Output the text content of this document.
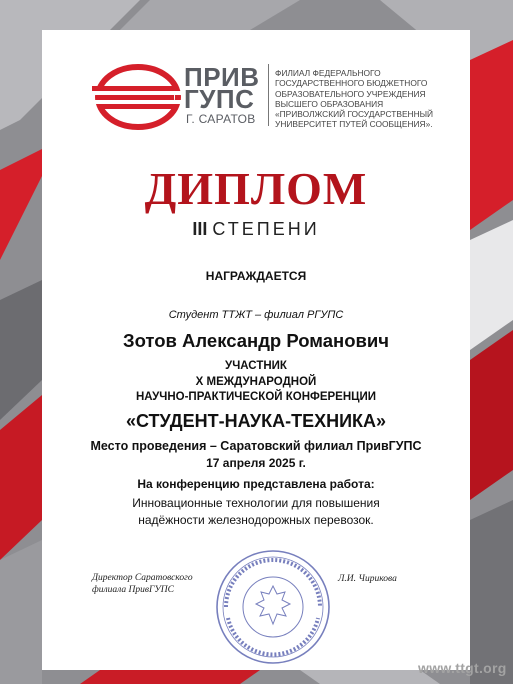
ПРИВ
ГУПС
Г. САРАТОВ
ФИЛИАЛ ФЕДЕРАЛЬНОГО
ГОСУДАРСТВЕННОГО БЮДЖЕТНОГО
ОБРАЗОВАТЕЛЬНОГО УЧРЕЖДЕНИЯ
ВЫСШЕГО ОБРАЗОВАНИЯ
«ПРИВОЛЖСКИЙ ГОСУДАРСТВЕННЫЙ
УНИВЕРСИТЕТ ПУТЕЙ СООБЩЕНИЯ».
ДИПЛОМ
III СТЕПЕНИ
НАГРАЖДАЕТСЯ
Студент ТТЖТ – филиал РГУПС
Зотов Александр Романович
УЧАСТНИК
X МЕЖДУНАРОДНОЙ
НАУЧНО-ПРАКТИЧЕСКОЙ КОНФЕРЕНЦИИ
«СТУДЕНТ-НАУКА-ТЕХНИКА»
Место проведения – Саратовский филиал ПривГУПС
17 апреля 2025 г.
На конференцию представлена работа:
Инновационные технологии для повышения
надёжности железнодорожных перевозок.
Директор Саратовского
филиала ПривГУПС
Л.И. Чирикова
www.ttgt.org
